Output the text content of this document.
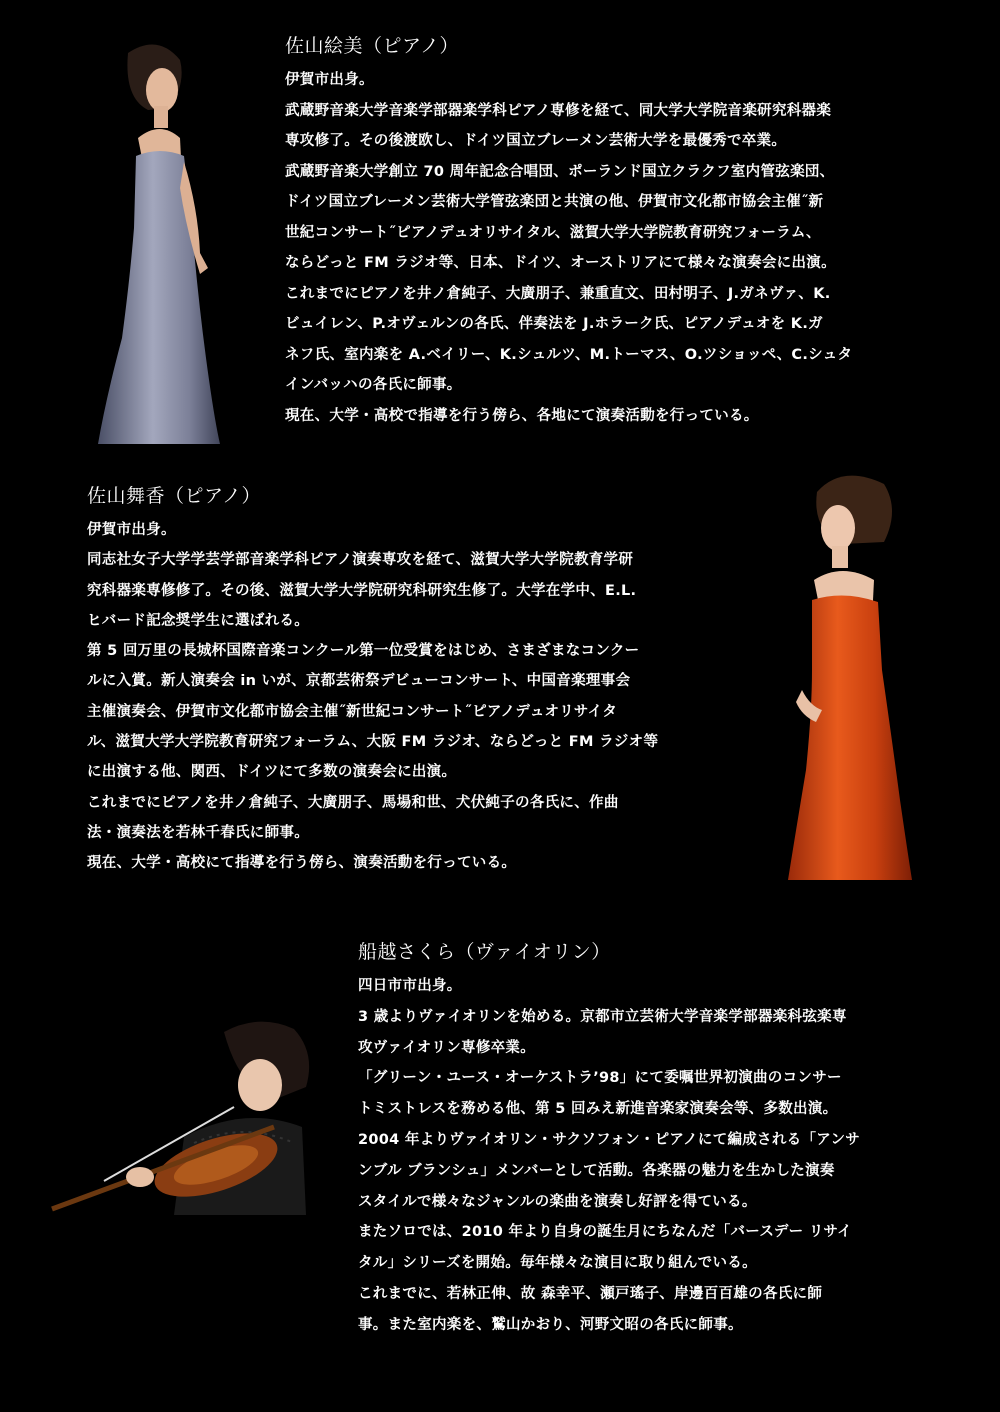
佐山絵美（ピアノ）
伊賀市出身。
武蔵野音楽大学音楽学部器楽学科ピアノ専修を経て、同大学大学院音楽研究科器楽
専攻修了。その後渡欧し、ドイツ国立ブレーメン芸術大学を最優秀で卒業。
武蔵野音楽大学創立 70 周年記念合唱団、ポーランド国立クラクフ室内管弦楽団、
ドイツ国立ブレーメン芸術大学管弦楽団と共演の他、伊賀市文化都市協会主催˝新
世紀コンサート˝ピアノデュオリサイタル、滋賀大学大学院教育研究フォーラム、
ならどっと FM ラジオ等、日本、ドイツ、オーストリアにて様々な演奏会に出演。
これまでにピアノを井ノ倉純子、大廣朋子、兼重直文、田村明子、J.ガネヴァ、K.
ビュイレン、P.オヴェルンの各氏、伴奏法を J.ホラーク氏、ピアノデュオを K.ガ
ネフ氏、室内楽を A.ベイリー、K.シュルツ、M.トーマス、O.ツショッペ、C.シュタ
インバッハの各氏に師事。
現在、大学・高校で指導を行う傍ら、各地にて演奏活動を行っている。
佐山舞香（ピアノ）
伊賀市出身。
同志社女子大学学芸学部音楽学科ピアノ演奏専攻を経て、滋賀大学大学院教育学研
究科器楽専修修了。その後、滋賀大学大学院研究科研究生修了。大学在学中、E.L.
ヒバード記念奨学生に選ばれる。
第 5 回万里の長城杯国際音楽コンクール第一位受賞をはじめ、さまざまなコンクー
ルに入賞。新人演奏会 in いが、京都芸術祭デビューコンサート、中国音楽理事会
主催演奏会、伊賀市文化都市協会主催˝新世紀コンサート˝ピアノデュオリサイタ
ル、滋賀大学大学院教育研究フォーラム、大阪 FM ラジオ、ならどっと FM ラジオ等
に出演する他、関西、ドイツにて多数の演奏会に出演。
これまでにピアノを井ノ倉純子、大廣朋子、馬場和世、犬伏純子の各氏に、作曲
法・演奏法を若林千春氏に師事。
現在、大学・高校にて指導を行う傍ら、演奏活動を行っている。
船越さくら（ヴァイオリン）
四日市市出身。
3 歳よりヴァイオリンを始める。京都市立芸術大学音楽学部器楽科弦楽専
攻ヴァイオリン専修卒業。
「グリーン・ユース・オーケストラ’98」にて委嘱世界初演曲のコンサー
トミストレスを務める他、第 5 回みえ新進音楽家演奏会等、多数出演。
2004 年よりヴァイオリン・サクソフォン・ピアノにて編成される「アンサ
ンブル ブランシュ」メンバーとして活動。各楽器の魅力を生かした演奏
スタイルで様々なジャンルの楽曲を演奏し好評を得ている。
またソロでは、2010 年より自身の誕生月にちなんだ「バースデー リサイ
タル」シリーズを開始。毎年様々な演目に取り組んでいる。
これまでに、若林正伸、故 森幸平、瀬戸瑤子、岸邊百百雄の各氏に師
事。また室内楽を、鷲山かおり、河野文昭の各氏に師事。
